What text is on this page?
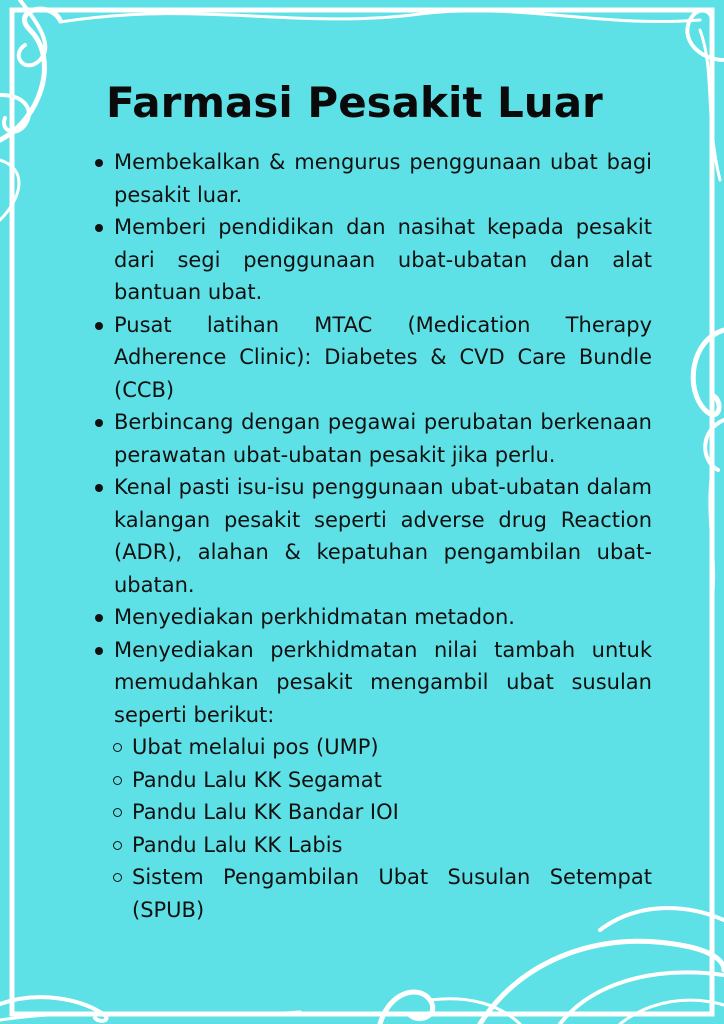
Farmasi Pesakit Luar
Membekalkan & mengurus penggunaan ubat bagi pesakit luar.
Memberi pendidikan dan nasihat kepada pesakit dari segi penggunaan ubat-ubatan dan alat bantuan ubat.
Pusat latihan MTAC (Medication Therapy Adherence Clinic): Diabetes & CVD Care Bundle (CCB)
Berbincang dengan pegawai perubatan berkenaan perawatan ubat-ubatan pesakit jika perlu.
Kenal pasti isu-isu penggunaan ubat-ubatan dalam kalangan pesakit seperti adverse drug Reaction (ADR), alahan & kepatuhan pengambilan ubat-ubatan.
Menyediakan perkhidmatan metadon.
Menyediakan perkhidmatan nilai tambah untuk memudahkan pesakit mengambil ubat susulan seperti berikut:
Ubat melalui pos (UMP)
Pandu Lalu KK Segamat
Pandu Lalu KK Bandar IOI
Pandu Lalu KK Labis
Sistem Pengambilan Ubat Susulan Setempat (SPUB)
